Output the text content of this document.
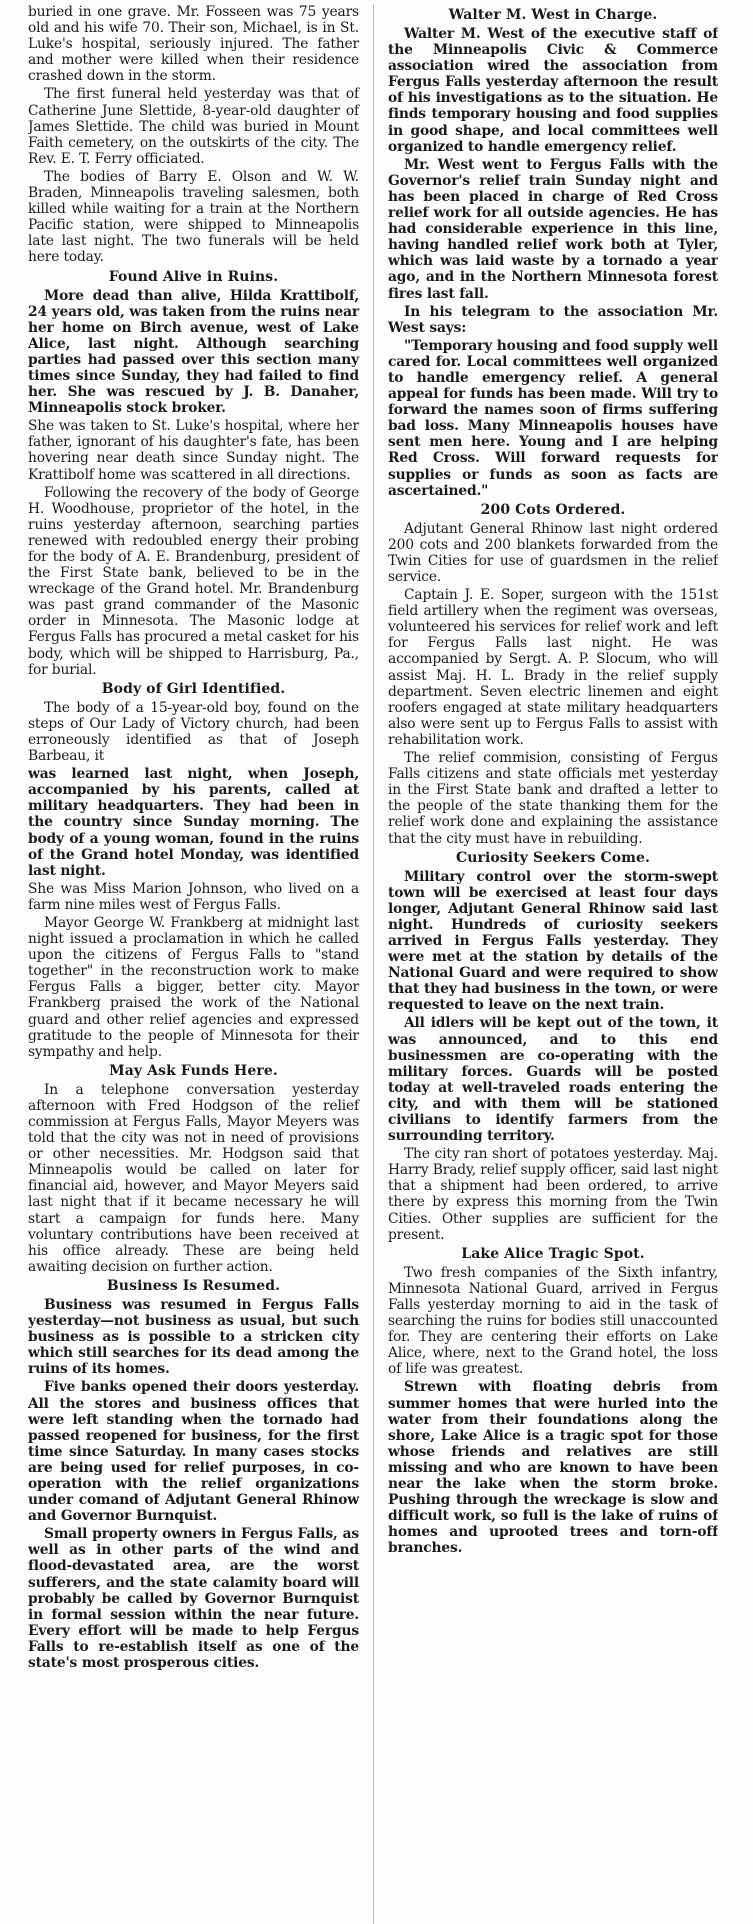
buried in one grave. Mr. Fosseen was 75 years old and his wife 70. Their son, Michael, is in St. Luke's hospital, seriously injured. The father and mother were killed when their residence crashed down in the storm.

The first funeral held yesterday was that of Catherine June Slettide, 8-year-old daughter of James Slettide. The child was buried in Mount Faith cemetery, on the outskirts of the city. The Rev. E. T. Ferry officiated.

The bodies of Barry E. Olson and W. W. Braden, Minneapolis traveling salesmen, both killed while waiting for a train at the Northern Pacific station, were shipped to Minneapolis late last night. The two funerals will be held here today.

Found Alive in Ruins.

More dead than alive, Hilda Krattibolf, 24 years old, was taken from the ruins near her home on Birch avenue, west of Lake Alice, last night. Although searching parties had passed over this section many times since Sunday, they had failed to find her. She was rescued by J. B. Danaher, Minneapolis stock broker.

She was taken to St. Luke's hospital, where her father, ignorant of his daughter's fate, has been hovering near death since Sunday night. The Krattibolf home was scattered in all directions.

Following the recovery of the body of George H. Woodhouse, proprietor of the hotel, in the ruins yesterday afternoon, searching parties renewed with redoubled energy their probing for the body of A. E. Brandenburg, president of the First State bank, believed to be in the wreckage of the Grand hotel. Mr. Brandenburg was past grand commander of the Masonic order in Minnesota. The Masonic lodge at Fergus Falls has procured a metal casket for his body, which will be shipped to Harrisburg, Pa., for burial.

Body of Girl Identified.

The body of a 15-year-old boy, found on the steps of Our Lady of Victory church, had been erroneously identified as that of Joseph Barbeau, it

was learned last night, when Joseph, accompanied by his parents, called at military headquarters. They had been in the country since Sunday morning. The body of a young woman, found in the ruins of the Grand hotel Monday, was identified last night.

She was Miss Marion Johnson, who lived on a farm nine miles west of Fergus Falls.

Mayor George W. Frankberg at midnight last night issued a proclamation in which he called upon the citizens of Fergus Falls to "stand together" in the reconstruction work to make Fergus Falls a bigger, better city. Mayor Frankberg praised the work of the National guard and other relief agencies and expressed gratitude to the people of Minnesota for their sympathy and help.

May Ask Funds Here.

In a telephone conversation yesterday afternoon with Fred Hodgson of the relief commission at Fergus Falls, Mayor Meyers was told that the city was not in need of provisions or other necessities. Mr. Hodgson said that Minneapolis would be called on later for financial aid, however, and Mayor Meyers said last night that if it became necessary he will start a campaign for funds here. Many voluntary contributions have been received at his office already. These are being held awaiting decision on further action.

Business Is Resumed.

Business was resumed in Fergus Falls yesterday—not business as usual, but such business as is possible to a stricken city which still searches for its dead among the ruins of its homes.

Five banks opened their doors yesterday. All the stores and business offices that were left standing when the tornado had passed reopened for business, for the first time since Saturday. In many cases stocks are being used for relief purposes, in co-operation with the relief organizations under comand of Adjutant General Rhinow and Governor Burnquist.

Small property owners in Fergus Falls, as well as in other parts of the wind and flood-devastated area, are the worst sufferers, and the state calamity board will probably be called by Governor Burnquist in formal session within the near future. Every effort will be made to help Fergus Falls to re-establish itself as one of the state's most prosperous cities.

Walter M. West in Charge.

Walter M. West of the executive staff of the Minneapolis Civic & Commerce association wired the association from Fergus Falls yesterday afternoon the result of his investigations as to the situation. He finds temporary housing and food supplies in good shape, and local committees well organized to handle emergency relief.

Mr. West went to Fergus Falls with the Governor's relief train Sunday night and has been placed in charge of Red Cross relief work for all outside agencies. He has had considerable experience in this line, having handled relief work both at Tyler, which was laid waste by a tornado a year ago, and in the Northern Minnesota forest fires last fall.

In his telegram to the association Mr. West says:

"Temporary housing and food supply well cared for. Local committees well organized to handle emergency relief. A general appeal for funds has been made. Will try to forward the names soon of firms suffering bad loss. Many Minneapolis houses have sent men here. Young and I are helping Red Cross. Will forward requests for supplies or funds as soon as facts are ascertained."

200 Cots Ordered.

Adjutant General Rhinow last night ordered 200 cots and 200 blankets forwarded from the Twin Cities for use of guardsmen in the relief service.

Captain J. E. Soper, surgeon with the 151st field artillery when the regiment was overseas, volunteered his services for relief work and left for Fergus Falls last night. He was accompanied by Sergt. A. P. Slocum, who will assist Maj. H. L. Brady in the relief supply department. Seven electric linemen and eight roofers engaged at state military headquarters also were sent up to Fergus Falls to assist with rehabilitation work.

The relief commision, consisting of Fergus Falls citizens and state officials met yesterday in the First State bank and drafted a letter to the people of the state thanking them for the relief work done and explaining the assistance that the city must have in rebuilding.

Curiosity Seekers Come.

Military control over the storm-swept town will be exercised at least four days longer, Adjutant General Rhinow said last night. Hundreds of curiosity seekers arrived in Fergus Falls yesterday. They were met at the station by details of the National Guard and were required to show that they had business in the town, or were requested to leave on the next train.

All idlers will be kept out of the town, it was announced, and to this end businessmen are co-operating with the military forces. Guards will be posted today at well-traveled roads entering the city, and with them will be stationed civilians to identify farmers from the surrounding territory.

The city ran short of potatoes yesterday. Maj. Harry Brady, relief supply officer, said last night that a shipment had been ordered, to arrive there by express this morning from the Twin Cities. Other supplies are sufficient for the present.

Lake Alice Tragic Spot.

Two fresh companies of the Sixth infantry, Minnesota National Guard, arrived in Fergus Falls yesterday morning to aid in the task of searching the ruins for bodies still unaccounted for. They are centering their efforts on Lake Alice, where, next to the Grand hotel, the loss of life was greatest.

Strewn with floating debris from summer homes that were hurled into the water from their foundations along the shore, Lake Alice is a tragic spot for those whose friends and relatives are still missing and who are known to have been near the lake when the storm broke. Pushing through the wreckage is slow and difficult work, so full is the lake of ruins of homes and uprooted trees and torn-off branches.
